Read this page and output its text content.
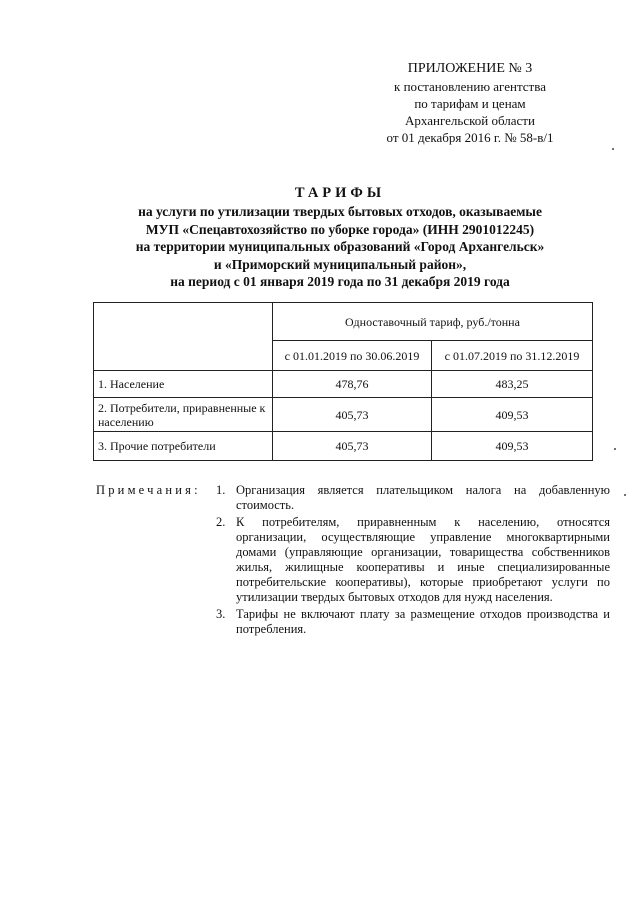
ПРИЛОЖЕНИЕ № 3
к постановлению агентства
по тарифам и ценам
Архангельской области
от 01 декабря 2016 г. № 58-в/1
ТАРИФЫ
на услуги по утилизации твердых бытовых отходов, оказываемые
МУП «Спецавтохозяйство по уборке города» (ИНН 2901012245)
на территории муниципальных образований «Город Архангельск»
и «Приморский муниципальный район»,
на период с 01 января 2019 года по 31 декабря 2019 года
	Одноставочный тариф, руб./тонна	
	с 01.01.2019 по 30.06.2019	с 01.07.2019 по 31.12.2019
1. Население	478,76	483,25
2. Потребители, приравненные к населению	405,73	409,53
3. Прочие потребители	405,73	409,53
Примечания: 1. Организация является плательщиком налога на добавленную стоимость.
2. К потребителям, приравненным к населению, относятся организации, осуществляющие управление многоквартирными домами (управляющие организации, товарищества собственников жилья, жилищные кооперативы и иные специализированные потребительские кооперативы), которые приобретают услуги по утилизации твердых бытовых отходов для нужд населения.
3. Тарифы не включают плату за размещение отходов производства и потребления.
